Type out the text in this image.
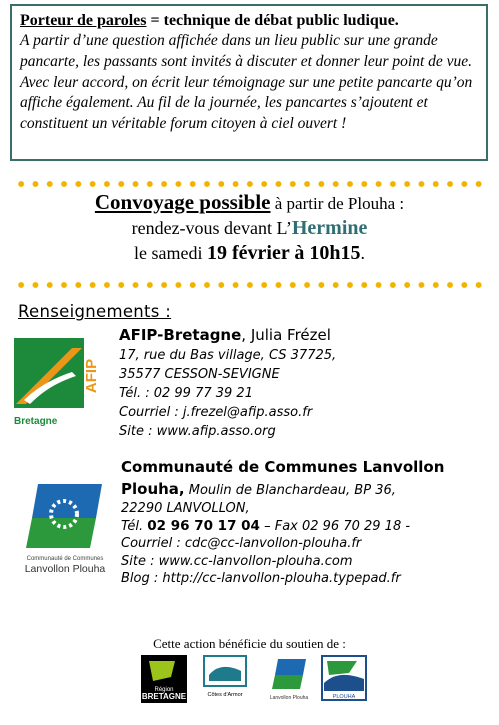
Porteur de paroles = technique de débat public ludique.
A partir d’une question affichée dans un lieu public sur une grande pancarte, les passants sont invités à discuter et donner leur point de vue. Avec leur accord, on écrit leur témoignage sur une petite pancarte qu’on affiche également. Au fil de la journée, les pancartes s’ajoutent et constituent un véritable forum citoyen à ciel ouvert !
Convoyage possible à partir de Plouha :
rendez-vous devant L’Hermine
le samedi 19 février à 10h15.
Renseignements :
AFIP
Bretagne
AFIP-Bretagne, Julia Frézel
17, rue du Bas village, CS 37725,
35577 CESSON-SEVIGNE
Tél. : 02 99 77 39 21
Courriel : j.frezel@afip.asso.fr
Site : www.afip.asso.org
Communauté de Communes
Lanvollon Plouha
Communauté de Communes Lanvollon
Plouha, Moulin de Blanchardeau, BP 36,
22290 LANVOLLON,
Tél. 02 96 70 17 04 – Fax 02 96 70 29 18 -
Courriel : cdc@cc-lanvollon-plouha.fr
Site : www.cc-lanvollon-plouha.com
Blog : http://cc-lanvollon-plouha.typepad.fr
Cette action bénéficie du soutien de :
Région
BRETAGNE	Côtes d'Armor	Lanvollon Plouha	PLOUHA
